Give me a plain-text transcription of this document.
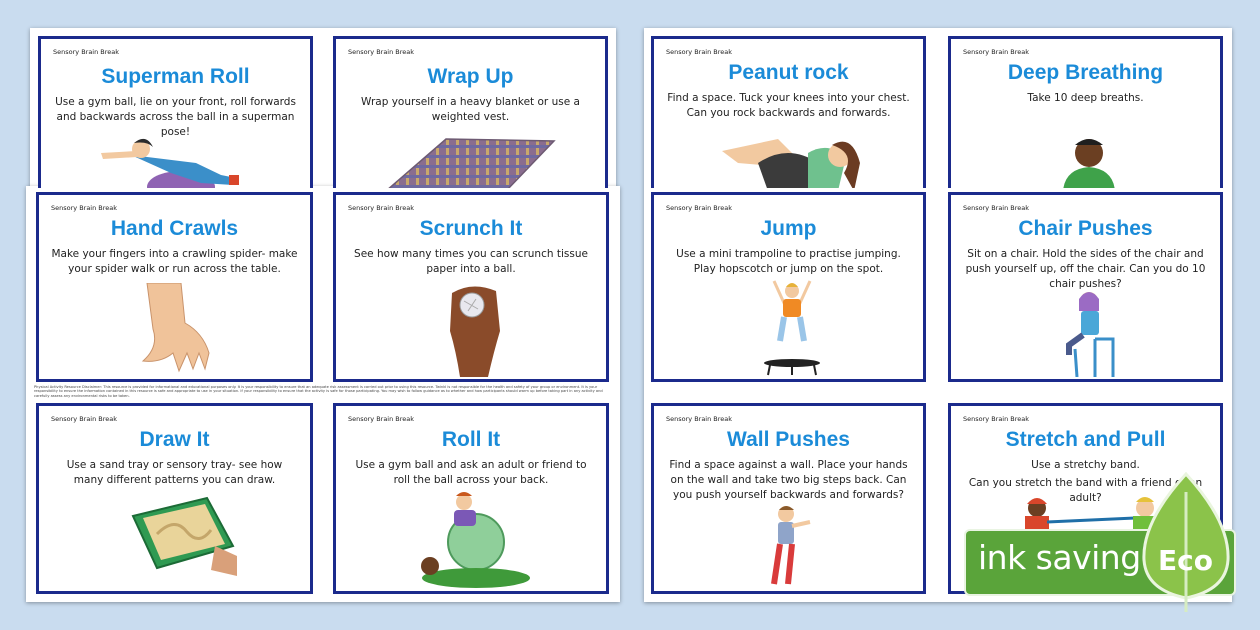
Sensory Brain Break
Superman Roll
Use a gym ball, lie on your front, roll forwards and backwards across the ball in a superman pose!
Sensory Brain Break
Wrap Up
Wrap yourself in a heavy blanket or use a weighted vest.
Sensory Brain Break
Hand Crawls
Make your fingers into a crawling spider- make your spider walk or run across the table.
Sensory Brain Break
Scrunch It
See how many times you can scrunch tissue paper into a ball.
Physical Activity Resource Disclaimer: This resource is provided for informational and educational purposes only. It is your responsibility to ensure that an adequate risk assessment is carried out prior to using this resource. Twinkl is not responsible for the health and safety of your group or environment. It is your responsibility to ensure the information contained in this resource is safe and appropriate to use in your situation. If your responsibility to ensure that the activity is safe for those participating. You may wish to follow guidance as to whether and how participants should warm up before taking part in any activity and carefully assess any environmental risks to be taken.
Sensory Brain Break
Draw It
Use a sand tray or sensory tray- see how many different patterns you can draw.
Sensory Brain Break
Roll It
Use a gym ball and ask an adult or friend to roll the ball across your back.
Sensory Brain Break
Peanut rock
Find a space. Tuck your knees into your chest. Can you rock backwards and forwards.
Sensory Brain Break
Deep Breathing
Take 10 deep breaths.
Sensory Brain Break
Jump
Use a mini trampoline to practise jumping. Play hopscotch or jump on the spot.
Sensory Brain Break
Chair Pushes
Sit on a chair. Hold the sides of the chair and push yourself up, off the chair. Can you do 10 chair pushes?
Sensory Brain Break
Wall Pushes
Find a space against a wall. Place your hands on the wall and take two big steps back. Can you push yourself backwards and forwards?
Sensory Brain Break
Stretch and Pull
Use a stretchy band.
Can you stretch the band with a friend or an adult?
ink saving Eco
